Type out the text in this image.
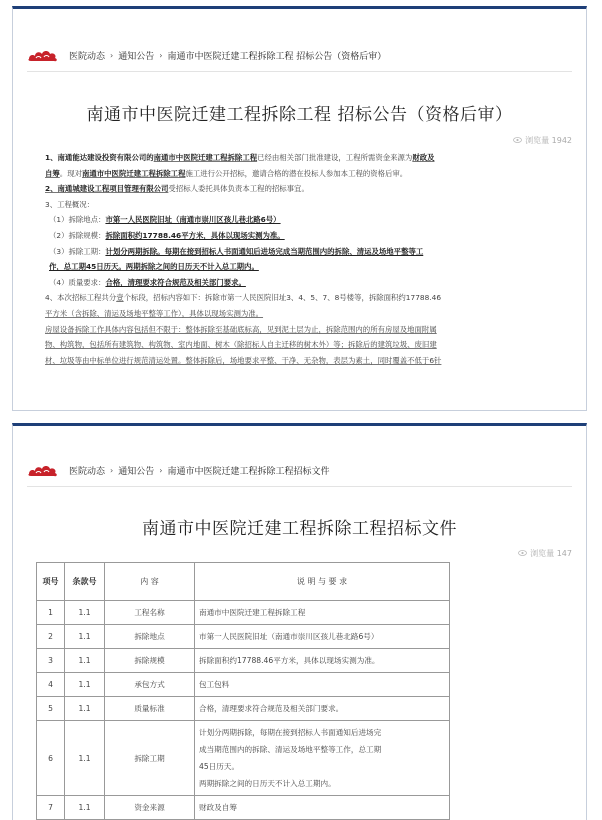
医院动态 › 通知公告 › 南通市中医院迁建工程拆除工程 招标公告（资格后审）
南通市中医院迁建工程拆除工程 招标公告（资格后审）
浏览量
1942

1、南通能达建设投资有限公司的南通市中医院迁建工程拆除工程已经由相关部门批准建设，工程所需资金来源为财政及

自筹。现对南通市中医院迁建工程拆除工程施工进行公开招标，邀请合格的潜在投标人参加本工程的资格后审。

2、南通城建设工程项目管理有限公司受招标人委托具体负责本工程的招标事宜。

3、工程概况：

（1）拆除地点：市第一人民医院旧址（南通市崇川区孩儿巷北路6号）

（2）拆除规模：拆除面积约17788.46平方米，具体以现场实测为准。

（3）拆除工期：计划分两期拆除。每期在接到招标人书面通知后进场完成当期范围内的拆除、清运及场地平整等工

作，总工期45日历天。两期拆除之间的日历天不计入总工期内。

（4）质量要求：合格，清理要求符合规范及相关部门要求。

4、本次招标工程共分壹个标段，招标内容如下：拆除市第一人民医院旧址3、4、5、7、8号楼等，拆除面积约17788.46

平方米（含拆除、清运及场地平整等工作），具体以现场实测为准。

房屋设备拆除工作具体内容包括但不限于：整体拆除至基础底标高，见到泥土层为止，拆除范围内的所有房屋及地面附属

物、构筑物，包括所有建筑物、构筑物、室内地面、树木（除招标人自主迁移的树木外）等；拆除后的建筑垃圾、废旧建

材、垃圾等由中标单位进行规范清运处置。整体拆除后，场地要求平整、干净、无杂物，表层为素土，同时覆盖不低于6针

医院动态 › 通知公告 › 南通市中医院迁建工程拆除工程招标文件
南通市中医院迁建工程拆除工程招标文件
浏览量
147
项号	条款号	内 容	说 明 与 要 求
1	1.1	工程名称	南通市中医院迁建工程拆除工程
2	1.1	拆除地点	市第一人民医院旧址（南通市崇川区孩儿巷北路6号）
3	1.1	拆除规模	拆除面积约17788.46平方米，具体以现场实测为准。
4	1.1	承包方式	包工包料
5	1.1	质量标准	合格，清理要求符合规范及相关部门要求。
6	1.1	拆除工期	计划分两期拆除，每期在接到招标人书面通知后进场完
成当期范围内的拆除、清运及场地平整等工作，总工期
45日历天。
两期拆除之间的日历天不计入总工期内。

7	1.1	资金来源	财政及自筹
